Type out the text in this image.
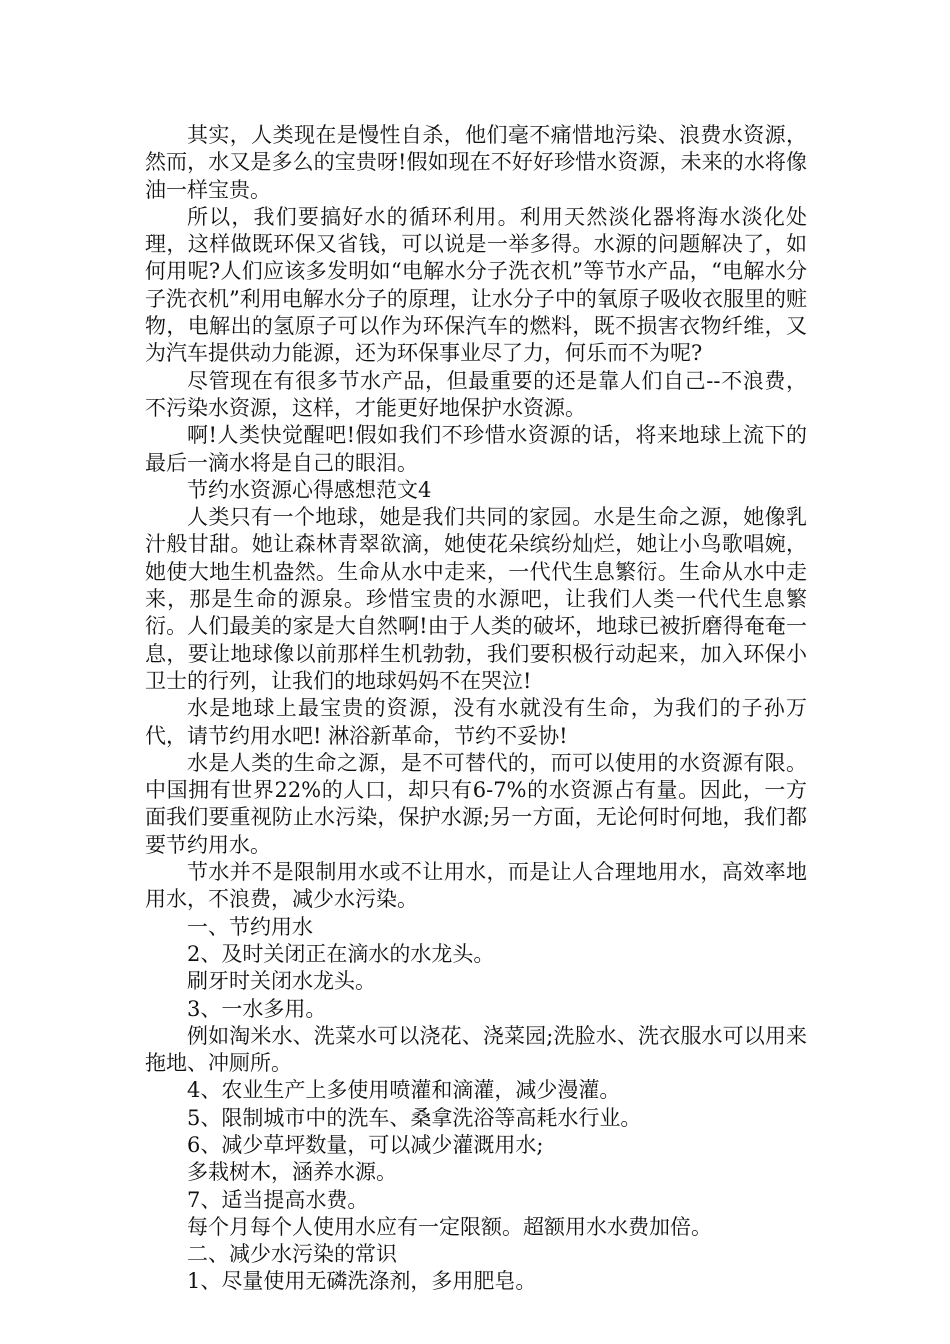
其实，人类现在是慢性自杀，他们毫不痛惜地污染、浪费水资源，然而，水又是多么的宝贵呀!假如现在不好好珍惜水资源，未来的水将像油一样宝贵。

所以，我们要搞好水的循环利用。利用天然淡化器将海水淡化处理，这样做既环保又省钱，可以说是一举多得。水源的问题解决了，如何用呢?人们应该多发明如“电解水分子洗衣机”等节水产品，“电解水分子洗衣机”利用电解水分子的原理，让水分子中的氧原子吸收衣服里的赃物，电解出的氢原子可以作为环保汽车的燃料，既不损害衣物纤维，又为汽车提供动力能源，还为环保事业尽了力，何乐而不为呢?

尽管现在有很多节水产品，但最重要的还是靠人们自己--不浪费，不污染水资源，这样，才能更好地保护水资源。

啊!人类快觉醒吧!假如我们不珍惜水资源的话，将来地球上流下的最后一滴水将是自己的眼泪。

节约水资源心得感想范文4

人类只有一个地球，她是我们共同的家园。水是生命之源，她像乳汁般甘甜。她让森林青翠欲滴，她使花朵缤纷灿烂，她让小鸟歌唱婉，她使大地生机盎然。生命从水中走来，一代代生息繁衍。生命从水中走来，那是生命的源泉。珍惜宝贵的水源吧，让我们人类一代代生息繁衍。人们最美的家是大自然啊!由于人类的破坏，地球已被折磨得奄奄一息，要让地球像以前那样生机勃勃，我们要积极行动起来，加入环保小卫士的行列，让我们的地球妈妈不在哭泣!

水是地球上最宝贵的资源，没有水就没有生命，为我们的子孙万代，请节约用水吧! 淋浴新革命，节约不妥协!

水是人类的生命之源，是不可替代的，而可以使用的水资源有限。中国拥有世界22%的人口，却只有6-7%的水资源占有量。因此，一方面我们要重视防止水污染，保护水源;另一方面，无论何时何地，我们都要节约用水。

节水并不是限制用水或不让用水，而是让人合理地用水，高效率地用水，不浪费，减少水污染。

一、节约用水

2、及时关闭正在滴水的水龙头。

刷牙时关闭水龙头。

3、一水多用。

例如淘米水、洗菜水可以浇花、浇菜园;洗脸水、洗衣服水可以用来拖地、冲厕所。

4、农业生产上多使用喷灌和滴灌，减少漫灌。

5、限制城市中的洗车、桑拿洗浴等高耗水行业。

6、减少草坪数量，可以减少灌溉用水;

多栽树木，涵养水源。

7、适当提高水费。

每个月每个人使用水应有一定限额。超额用水水费加倍。

二、减少水污染的常识

1、尽量使用无磷洗涤剂，多用肥皂。
